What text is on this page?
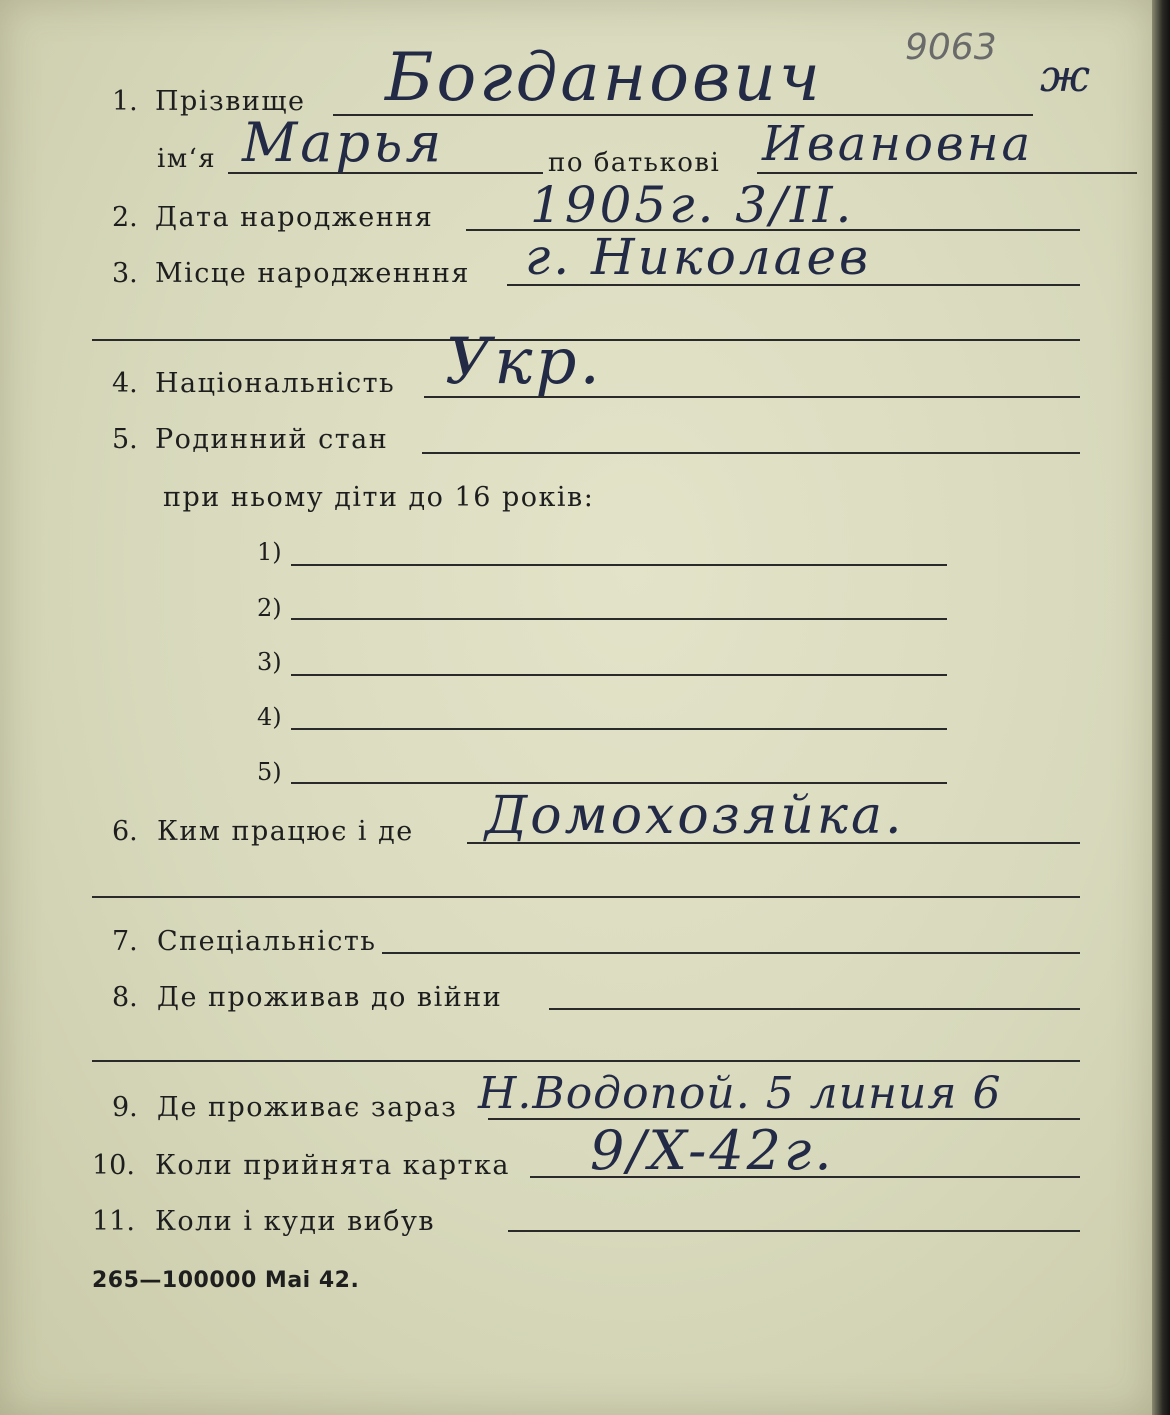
9063
1. Прізвище Богданович	ж
ім‘я Марья	по батькові Ивановна
2. Дата народження 1905г. 3/II.
3. Місце народженння г. Николаев
4. Національність Укр.
5. Родинний стан
при ньому діти до 16 років:
1)
2)
3)
4)
5)
6. Ким працює і де Домохозяйка.
7. Спеціальність
8. Де проживав до війни
9. Де проживає зараз Н.Водопой. 5 линия 6
10. Коли прийнята картка 9/X-42г.
11. Коли і куди вибув
265—100000 Mai 42.
